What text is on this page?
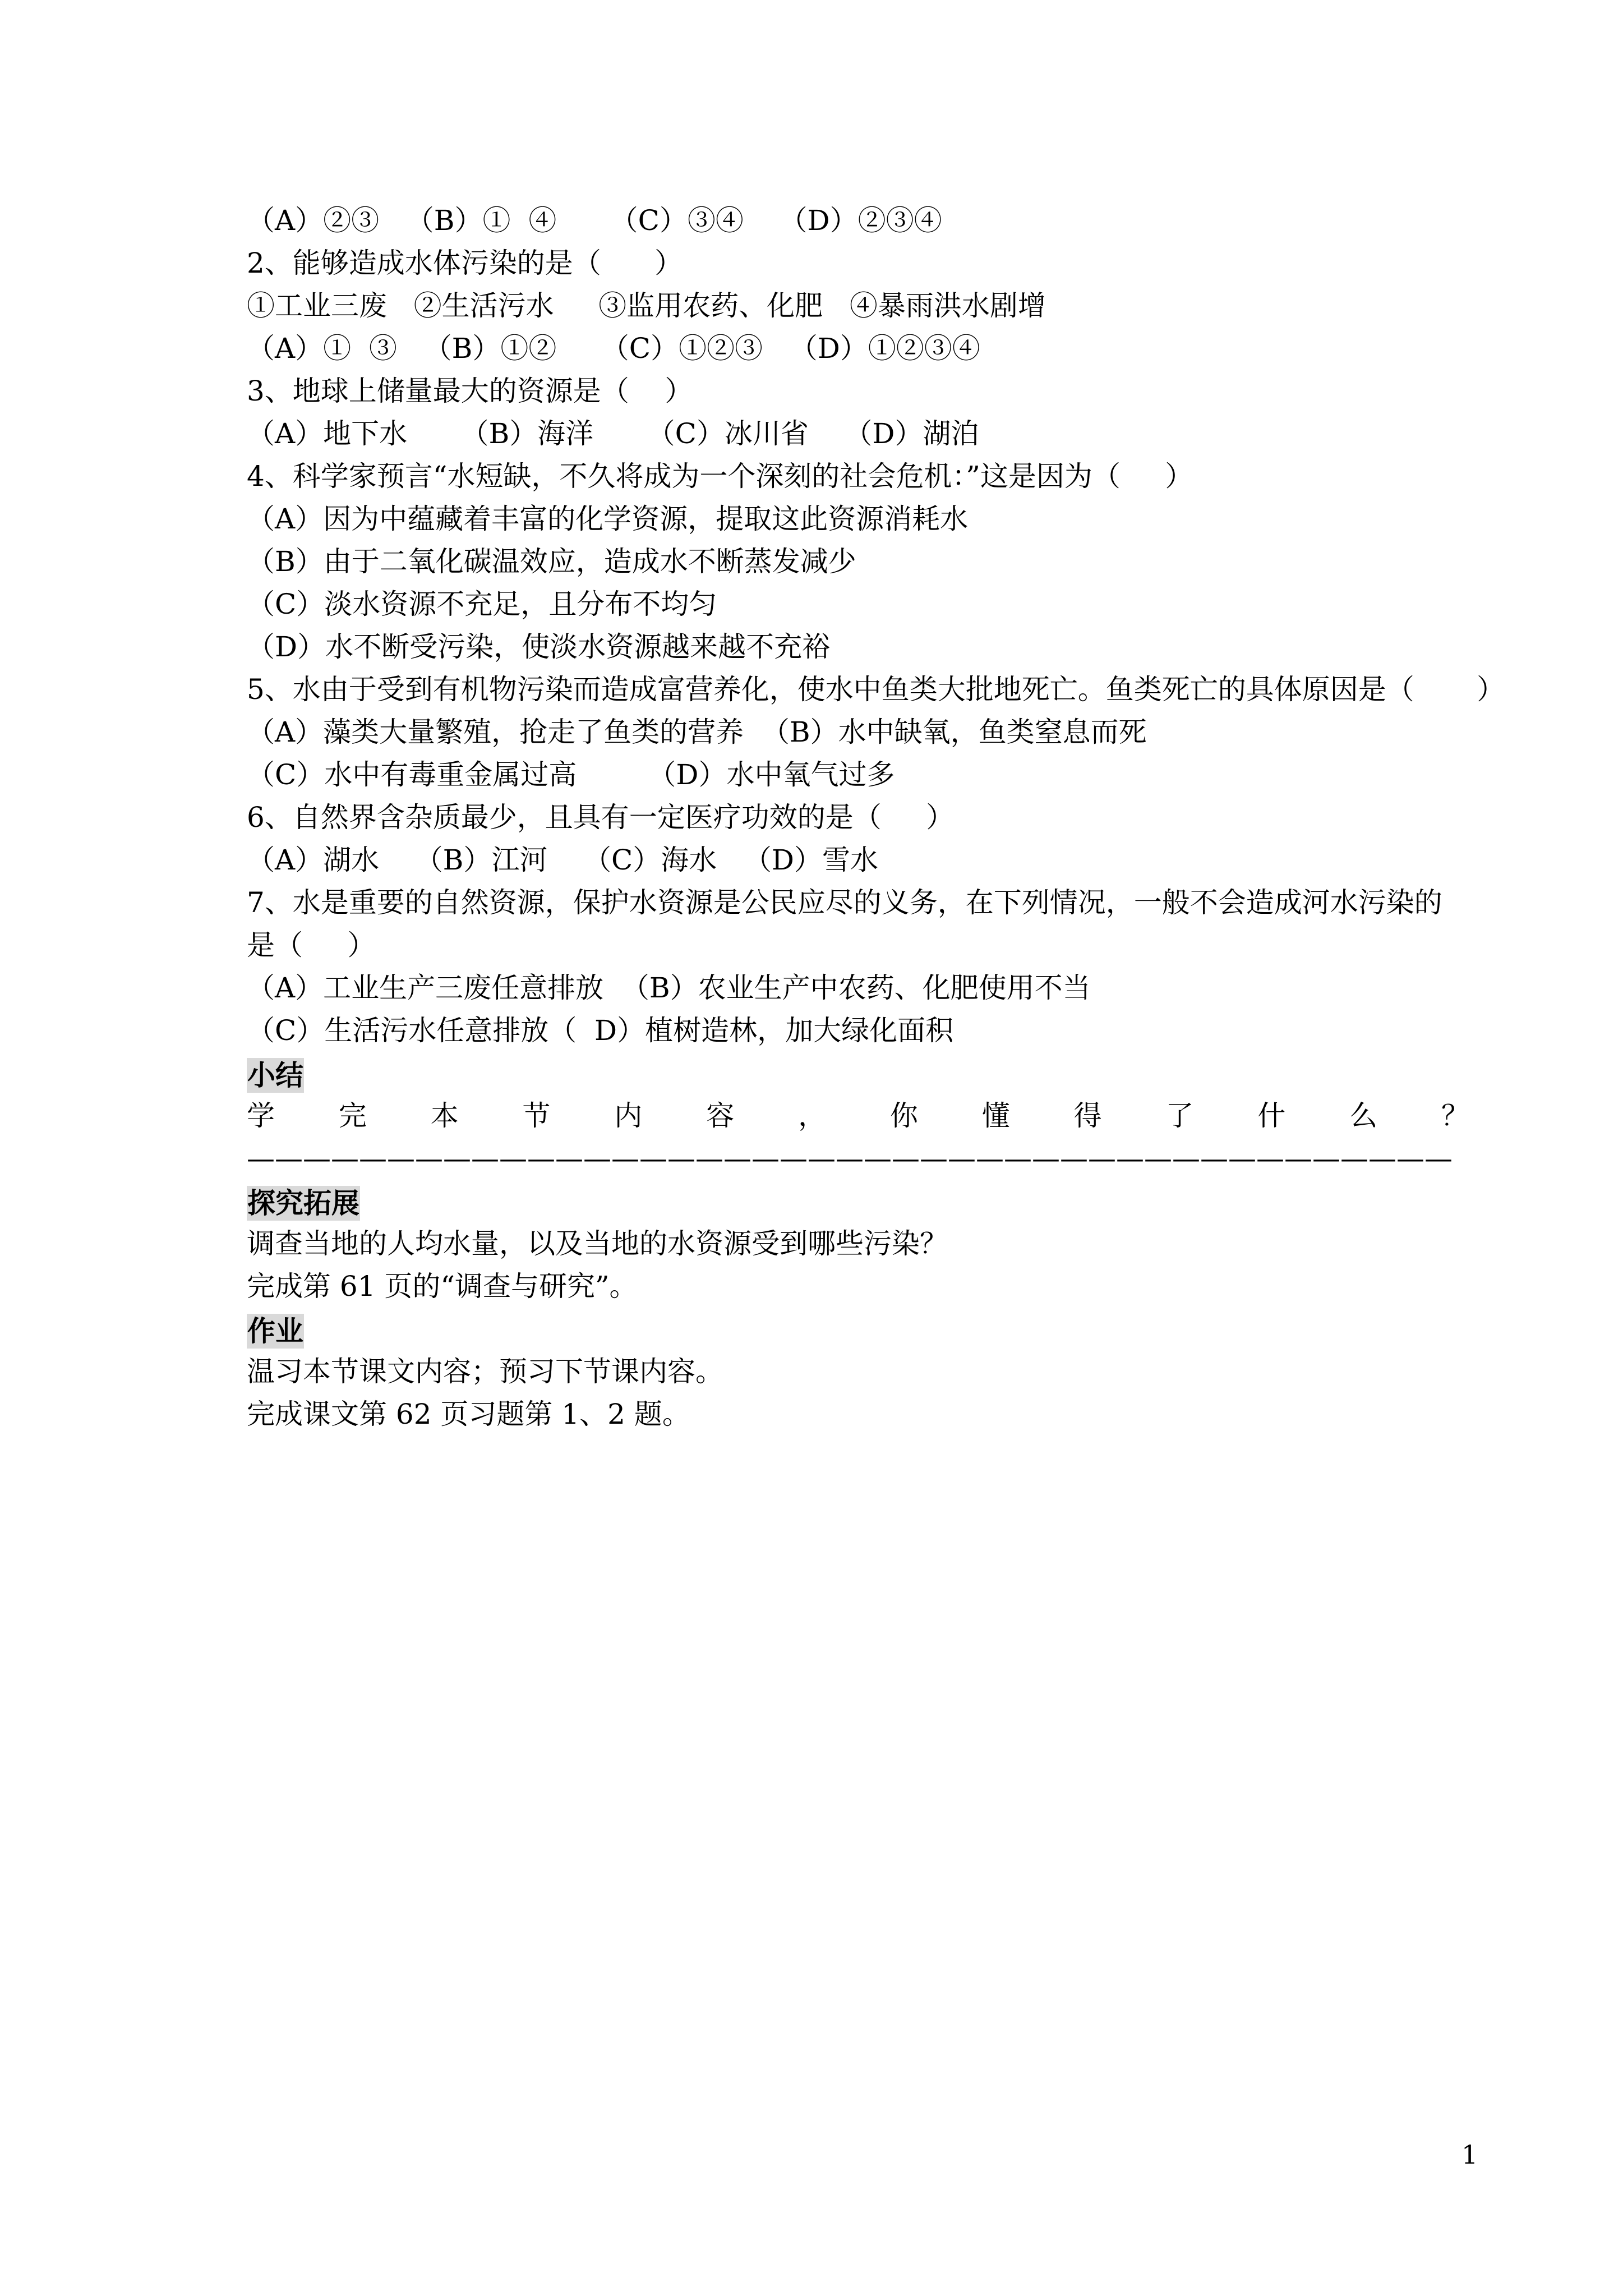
（A）②③   （B）①  ④      （C）③④    （D）②③④
2、能够造成水体污染的是（      ）
①工业三废   ②生活污水     ③监用农药、化肥   ④暴雨洪水剧增
（A）①  ③   （B）①②     （C）①②③   （D）①②③④
3、地球上储量最大的资源是（    ）
（A）地下水      （B）海洋      （C）冰川省    （D）湖泊
4、科学家预言“水短缺，不久将成为一个深刻的社会危机：”这是因为（     ）
（A）因为中蕴藏着丰富的化学资源，提取这此资源消耗水
（B）由于二氧化碳温效应，造成水不断蒸发减少
（C）淡水资源不充足，且分布不均匀
（D）水不断受污染，使淡水资源越来越不充裕
5、水由于受到有机物污染而造成富营养化，使水中鱼类大批地死亡。鱼类死亡的具体原因是（       ）
（A）藻类大量繁殖，抢走了鱼类的营养  （B）水中缺氧，鱼类窒息而死
（C）水中有毒重金属过高        （D）水中氧气过多
6、自然界含杂质最少，且具有一定医疗功效的是（     ）
（A）湖水    （B）江河    （C）海水   （D）雪水
7、水是重要的自然资源，保护水资源是公民应尽的义务，在下列情况，一般不会造成河水污染的
是（     ）
（A）工业生产三废任意排放  （B）农业生产中农药、化肥使用不当
（C）生活污水任意排放（  D）植树造林，加大绿化面积
小结
学 完 本 节 内 容 ， 你 懂 得 了 什 么 ？
———————————————————————————————————————————
探究拓展
调查当地的人均水量，以及当地的水资源受到哪些污染？
完成第 61 页的“调查与研究”。
作业
温习本节课文内容；预习下节课内容。
完成课文第 62 页习题第 1、2 题。
1
